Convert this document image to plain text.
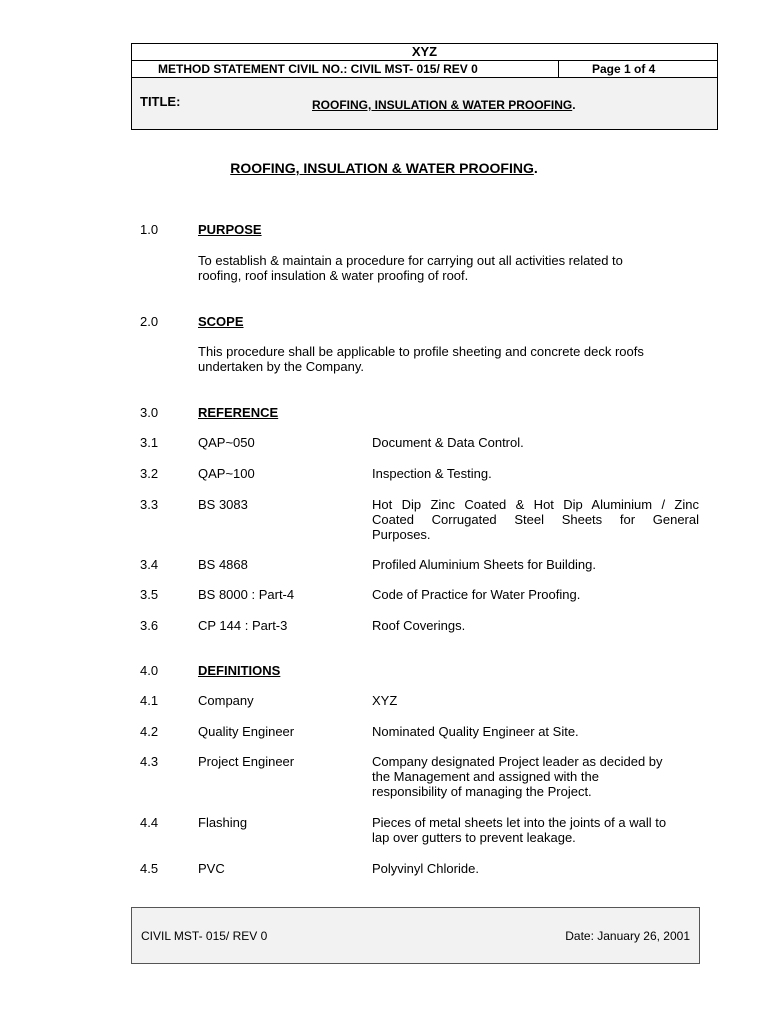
XYZ
METHOD STATEMENT CIVIL NO.: CIVIL MST- 015/ REV 0	Page 1 of 4
TITLE:	ROOFING, INSULATION & WATER PROOFING.
ROOFING, INSULATION & WATER PROOFING.
1.0	PURPOSE
To establish & maintain a procedure for carrying out all activities related to
roofing, roof insulation & water proofing of roof.
2.0	SCOPE
This procedure shall be applicable to profile sheeting and concrete deck roofs
undertaken by the Company.
3.0	REFERENCE
3.1	QAP~050	Document & Data Control.
3.2	QAP~100	Inspection & Testing.
3.3	BS 3083	Hot Dip Zinc Coated & Hot Dip Aluminium / Zinc
Coated Corrugated Steel Sheets for General
Purposes.
3.4	BS 4868	Profiled Aluminium Sheets for Building.
3.5	BS 8000 : Part-4	Code of Practice for Water Proofing.
3.6	CP 144 : Part-3	Roof Coverings.
4.0	DEFINITIONS
4.1	Company	XYZ
4.2	Quality Engineer	Nominated Quality Engineer at Site.
4.3	Project Engineer	Company designated Project leader as decided by
the Management and assigned with the
responsibility of managing the Project.
4.4	Flashing	Pieces of metal sheets let into the joints of a wall to
lap over gutters to prevent leakage.
4.5	PVC	Polyvinyl Chloride.
CIVIL MST- 015/ REV 0	Date: January 26, 2001
